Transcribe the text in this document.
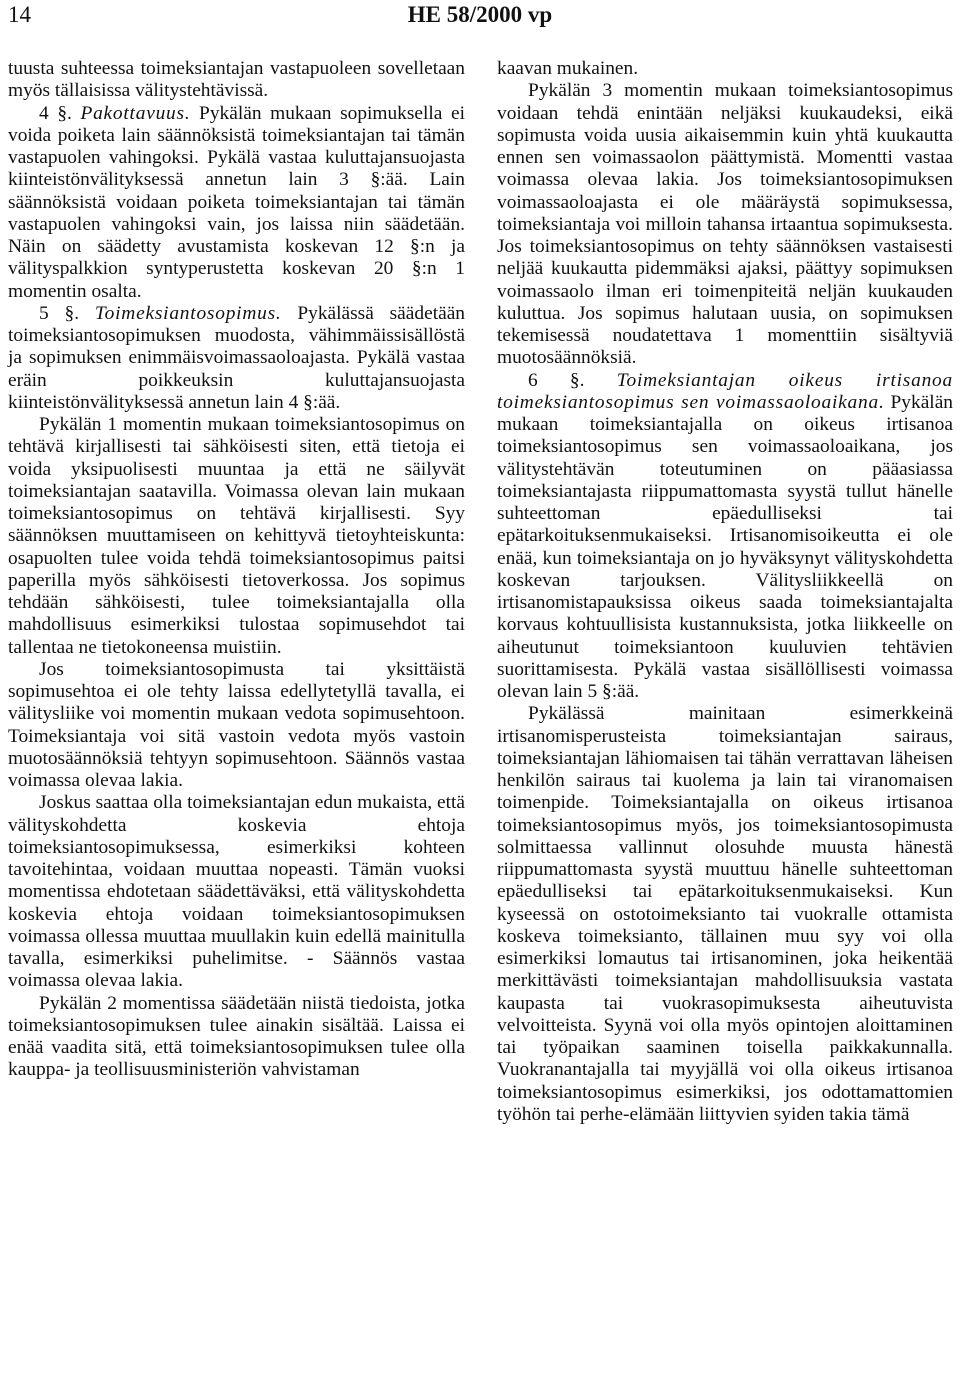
14	HE 58/2000 vp

tuusta suhteessa toimeksiantajan vastapuoleen sovelletaan myös tällaisissa välitystehtävissä.

4 §. Pakottavuus. Pykälän mukaan sopimuksella ei voida poiketa lain säännöksistä toimeksiantajan tai tämän vastapuolen vahingoksi. Pykälä vastaa kuluttajansuojasta kiinteistönvälityksessä annetun lain 3 §:ää. Lain säännöksistä voidaan poiketa toimeksiantajan tai tämän vastapuolen vahingoksi vain, jos laissa niin säädetään. Näin on säädetty avustamista koskevan 12 §:n ja välityspalkkion syntyperustetta koskevan 20 §:n 1 momentin osalta.

5 §. Toimeksiantosopimus. Pykälässä säädetään toimeksiantosopimuksen muodosta, vähimmäissisällöstä ja sopimuksen enimmäisvoimassaoloajasta. Pykälä vastaa eräin poikkeuksin kuluttajansuojasta kiinteistönvälityksessä annetun lain 4 §:ää.

Pykälän 1 momentin mukaan toimeksiantosopimus on tehtävä kirjallisesti tai sähköisesti siten, että tietoja ei voida yksipuolisesti muuntaa ja että ne säilyvät toimeksiantajan saatavilla. Voimassa olevan lain mukaan toimeksiantosopimus on tehtävä kirjallisesti. Syy säännöksen muuttamiseen on kehittyvä tietoyhteiskunta: osapuolten tulee voida tehdä toimeksiantosopimus paitsi paperilla myös sähköisesti tietoverkossa. Jos sopimus tehdään sähköisesti, tulee toimeksiantajalla olla mahdollisuus esimerkiksi tulostaa sopimusehdot tai tallentaa ne tietokoneensa muistiin.

Jos toimeksiantosopimusta tai yksittäistä sopimusehtoa ei ole tehty laissa edellytetyllä tavalla, ei välitysliike voi momentin mukaan vedota sopimusehtoon. Toimeksiantaja voi sitä vastoin vedota myös vastoin muotosäännöksiä tehtyyn sopimusehtoon. Säännös vastaa voimassa olevaa lakia.

Joskus saattaa olla toimeksiantajan edun mukaista, että välityskohdetta koskevia ehtoja toimeksiantosopimuksessa, esimerkiksi kohteen tavoitehintaa, voidaan muuttaa nopeasti. Tämän vuoksi momentissa ehdotetaan säädettäväksi, että välityskohdetta koskevia ehtoja voidaan toimeksiantosopimuksen voimassa ollessa muuttaa muullakin kuin edellä mainitulla tavalla, esimerkiksi puhelimitse. - Säännös vastaa voimassa olevaa lakia.

Pykälän 2 momentissa säädetään niistä tiedoista, jotka toimeksiantosopimuksen tulee ainakin sisältää. Laissa ei enää vaadita sitä, että toimeksiantosopimuksen tulee olla kauppa- ja teollisuusministeriön vahvistaman

kaavan mukainen.

Pykälän 3 momentin mukaan toimeksiantosopimus voidaan tehdä enintään neljäksi kuukaudeksi, eikä sopimusta voida uusia aikaisemmin kuin yhtä kuukautta ennen sen voimassaolon päättymistä. Momentti vastaa voimassa olevaa lakia. Jos toimeksiantosopimuksen voimassaoloajasta ei ole määräystä sopimuksessa, toimeksiantaja voi milloin tahansa irtaantua sopimuksesta. Jos toimeksiantosopimus on tehty säännöksen vastaisesti neljää kuukautta pidemmäksi ajaksi, päättyy sopimuksen voimassaolo ilman eri toimenpiteitä neljän kuukauden kuluttua. Jos sopimus halutaan uusia, on sopimuksen tekemisessä noudatettava 1 momenttiin sisältyviä muotosäännöksiä.

6 §. Toimeksiantajan oikeus irtisanoa toimeksiantosopimus sen voimassaoloaikana. Pykälän mukaan toimeksiantajalla on oikeus irtisanoa toimeksiantosopimus sen voimassaoloaikana, jos välitystehtävän toteutuminen on pääasiassa toimeksiantajasta riippumattomasta syystä tullut hänelle suhteettoman epäedulliseksi tai epätarkoituksenmukaiseksi. Irtisanomisoikeutta ei ole enää, kun toimeksiantaja on jo hyväksynyt välityskohdetta koskevan tarjouksen. Välitysliikkeellä on irtisanomistapauksissa oikeus saada toimeksiantajalta korvaus kohtuullisista kustannuksista, jotka liikkeelle on aiheutunut toimeksiantoon kuuluvien tehtävien suorittamisesta. Pykälä vastaa sisällöllisesti voimassa olevan lain 5 §:ää.

Pykälässä mainitaan esimerkkeinä irtisanomisperusteista toimeksiantajan sairaus, toimeksiantajan lähiomaisen tai tähän verrattavan läheisen henkilön sairaus tai kuolema ja lain tai viranomaisen toimenpide. Toimeksiantajalla on oikeus irtisanoa toimeksiantosopimus myös, jos toimeksiantosopimusta solmittaessa vallinnut olosuhde muusta hänestä riippumattomasta syystä muuttuu hänelle suhteettoman epäedulliseksi tai epätarkoituksenmukaiseksi. Kun kyseessä on ostotoimeksianto tai vuokralle ottamista koskeva toimeksianto, tällainen muu syy voi olla esimerkiksi lomautus tai irtisanominen, joka heikentää merkittävästi toimeksiantajan mahdollisuuksia vastata kaupasta tai vuokrasopimuksesta aiheutuvista velvoitteista. Syynä voi olla myös opintojen aloittaminen tai työpaikan saaminen toisella paikkakunnalla. Vuokranantajalla tai myyjällä voi olla oikeus irtisanoa toimeksiantosopimus esimerkiksi, jos odottamattomien työhön tai perhe-elämään liittyvien syiden takia tämä
